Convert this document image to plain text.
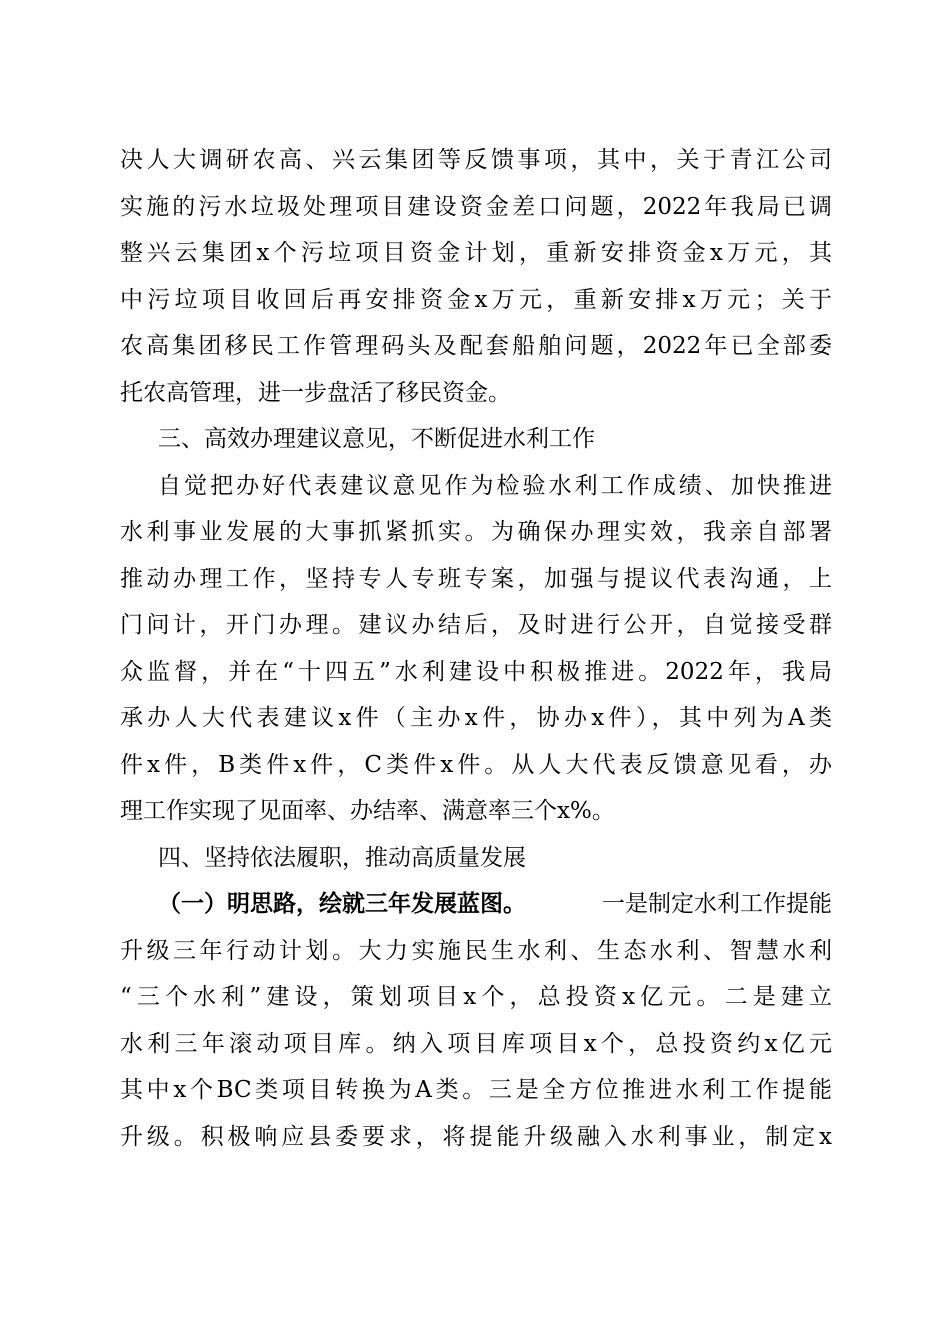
决人大调研农高、兴云集团等反馈事项，其中，关于青江公司
实施的污水垃圾处理项目建设资金差口问题，2022年我局已调
整兴云集团x个污垃项目资金计划，重新安排资金x万元，其
中污垃项目收回后再安排资金x万元，重新安排x万元；关于
农高集团移民工作管理码头及配套船舶问题，2022年已全部委
托农高管理，进一步盘活了移民资金。
三、高效办理建议意见，不断促进水利工作
自觉把办好代表建议意见作为检验水利工作成绩、加快推进
水利事业发展的大事抓紧抓实。为确保办理实效，我亲自部署
推动办理工作，坚持专人专班专案，加强与提议代表沟通，上
门问计，开门办理。建议办结后，及时进行公开，自觉接受群
众监督，并在“十四五”水利建设中积极推进。2022年，我局
承办人大代表建议x件（主办x件，协办x件），其中列为A类
件x件，B类件x件，C类件x件。从人大代表反馈意见看，办
理工作实现了见面率、办结率、满意率三个x%。
四、坚持依法履职，推动高质量发展
（一）明思路，绘就三年发展蓝图。	一是制定水利工作提能
升级三年行动计划。大力实施民生水利、生态水利、智慧水利
“三个水利”建设，策划项目x个，总投资x亿元。二是建立
水利三年滚动项目库。纳入项目库项目x个，总投资约x亿元
其中x个BC类项目转换为A类。三是全方位推进水利工作提能
升级。积极响应县委要求，将提能升级融入水利事业，制定x
